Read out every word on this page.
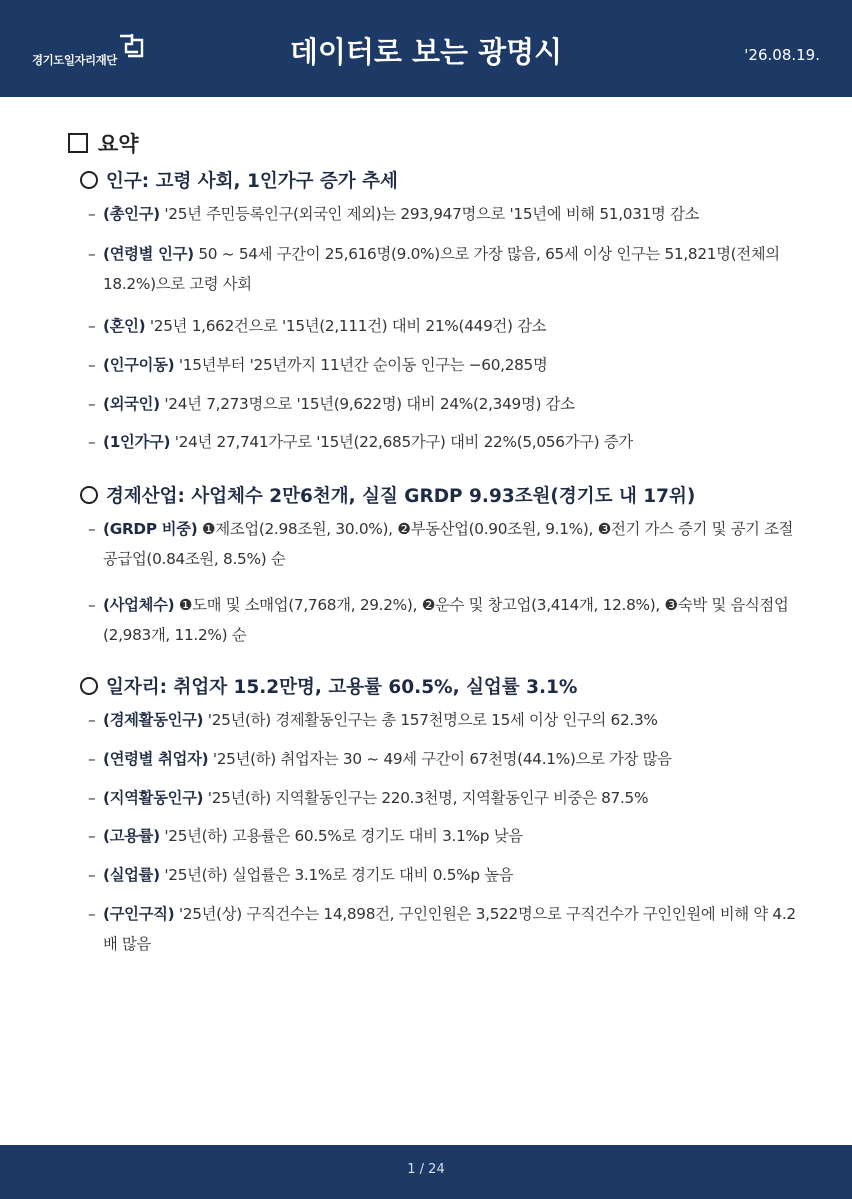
경기도일자리재단	데이터로 보는 광명시	'26.08.19.
요약
인구: 고령 사회, 1인가구 증가 추세
– (총인구) '25년 주민등록인구(외국인 제외)는 293,947명으로 '15년에 비해 51,031명 감소
– (연령별 인구) 50 ~ 54세 구간이 25,616명(9.0%)으로 가장 많음, 65세 이상 인구는 51,821명(전체의 18.2%)으로 고령 사회
– (혼인) '25년 1,662건으로 '15년(2,111건) 대비 21%(449건) 감소
– (인구이동) '15년부터 '25년까지 11년간 순이동 인구는 −60,285명
– (외국인) '24년 7,273명으로 '15년(9,622명) 대비 24%(2,349명) 감소
– (1인가구) '24년 27,741가구로 '15년(22,685가구) 대비 22%(5,056가구) 증가
경제산업: 사업체수 2만6천개, 실질 GRDP 9.93조원(경기도 내 17위)
– (GRDP 비중) ❶제조업(2.98조원, 30.0%), ❷부동산업(0.90조원, 9.1%), ❸전기 가스 증기 및 공기 조절 공급업(0.84조원, 8.5%) 순
– (사업체수) ❶도매 및 소매업(7,768개, 29.2%), ❷운수 및 창고업(3,414개, 12.8%), ❸숙박 및 음식점업(2,983개, 11.2%) 순
일자리: 취업자 15.2만명, 고용률 60.5%, 실업률 3.1%
– (경제활동인구) '25년(하) 경제활동인구는 총 157천명으로 15세 이상 인구의 62.3%
– (연령별 취업자) '25년(하) 취업자는 30 ~ 49세 구간이 67천명(44.1%)으로 가장 많음
– (지역활동인구) '25년(하) 지역활동인구는 220.3천명, 지역활동인구 비중은 87.5%
– (고용률) '25년(하) 고용률은 60.5%로 경기도 대비 3.1%p 낮음
– (실업률) '25년(하) 실업률은 3.1%로 경기도 대비 0.5%p 높음
– (구인구직) '25년(상) 구직건수는 14,898건, 구인인원은 3,522명으로 구직건수가 구인인원에 비해 약 4.2배 많음
1 / 24
